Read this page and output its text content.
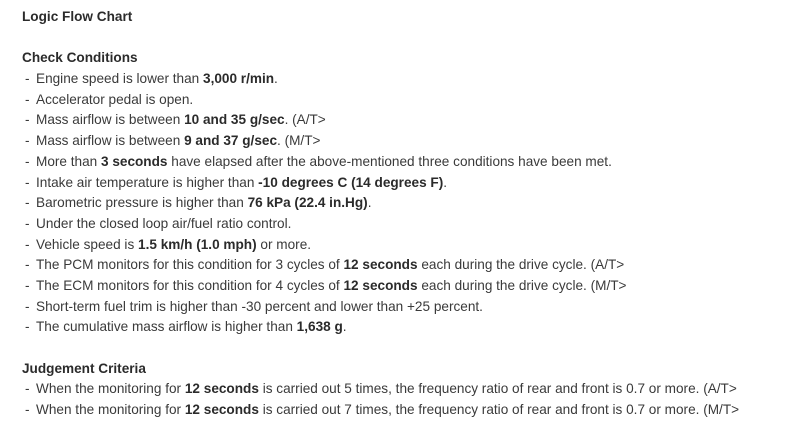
Logic Flow Chart
Check Conditions
- Engine speed is lower than 3,000 r/min.
- Accelerator pedal is open.
- Mass airflow is between 10 and 35 g/sec. (A/T>
- Mass airflow is between 9 and 37 g/sec. (M/T>
- More than 3 seconds have elapsed after the above-mentioned three conditions have been met.
- Intake air temperature is higher than -10 degrees C (14 degrees F).
- Barometric pressure is higher than 76 kPa (22.4 in.Hg).
- Under the closed loop air/fuel ratio control.
- Vehicle speed is 1.5 km/h (1.0 mph) or more.
- The PCM monitors for this condition for 3 cycles of 12 seconds each during the drive cycle. (A/T>
- The ECM monitors for this condition for 4 cycles of 12 seconds each during the drive cycle. (M/T>
- Short-term fuel trim is higher than -30 percent and lower than +25 percent.
- The cumulative mass airflow is higher than 1,638 g.
Judgement Criteria
- When the monitoring for 12 seconds is carried out 5 times, the frequency ratio of rear and front is 0.7 or more. (A/T>
- When the monitoring for 12 seconds is carried out 7 times, the frequency ratio of rear and front is 0.7 or more. (M/T>
